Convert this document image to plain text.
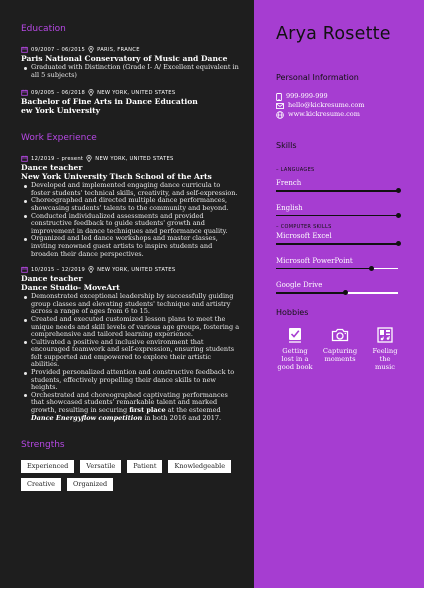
Education
09/2007 – 06/2015 PARIS, FRANCE
Paris National Conservatory of Music and Dance
Graduated with Distinction (Grade I- A/ Excellent equivalent in all 5 subjects)
09/2005 – 06/2018 NEW YORK, UNITED STATES
Bachelor of Fine Arts in Dance Education
ew York University
Work Experience
12/2019 – present NEW YORK, UNITED STATES
Dance teacher
New York University Tisch School of the Arts
Developed and implemented engaging dance curricula to foster students' technical skills, creativity, and self-expression.
Choreographed and directed multiple dance performances, showcasing students' talents to the community and beyond.
Conducted individualized assessments and provided constructive feedback to guide students' growth and improvement in dance techniques and performance quality.
Organized and led dance workshops and master classes, inviting renowned guest artists to inspire students and broaden their dance perspectives.
10/2015 – 12/2019 NEW YORK, UNITED STATES
Dance teacher
Dance Studio- MoveArt
Demonstrated exceptional leadership by successfully guiding group classes and elevating students' technique and artistry across a range of ages from 6 to 15.
Created and executed customized lesson plans to meet the unique needs and skill levels of various age groups, fostering a comprehensive and tailored learning experience.
Cultivated a positive and inclusive environment that encouraged teamwork and self-expression, ensuring students felt supported and empowered to explore their artistic abilities.
Provided personalized attention and constructive feedback to students, effectively propelling their dance skills to new heights.
Orchestrated and choreographed captivating performances that showcased students' remarkable talent and marked growth, resulting in securing first place at the esteemed Dance Energyflow competition in both 2016 and 2017.
Strengths
Experienced	Versatile	Patient	Knowledgeable
Creative	Organized
Arya Rosette
Personal Information
999-999-999
hello@kickresume.com
www.kickresume.com
Skills
– LANGUAGES
French
English
– COMPUTER SKILLS
Microsoft Excel
Microsoft PowerPoint
Google Drive
Hobbies
Getting
lost in a
good book
Capturing
moments
Feeling the
music
